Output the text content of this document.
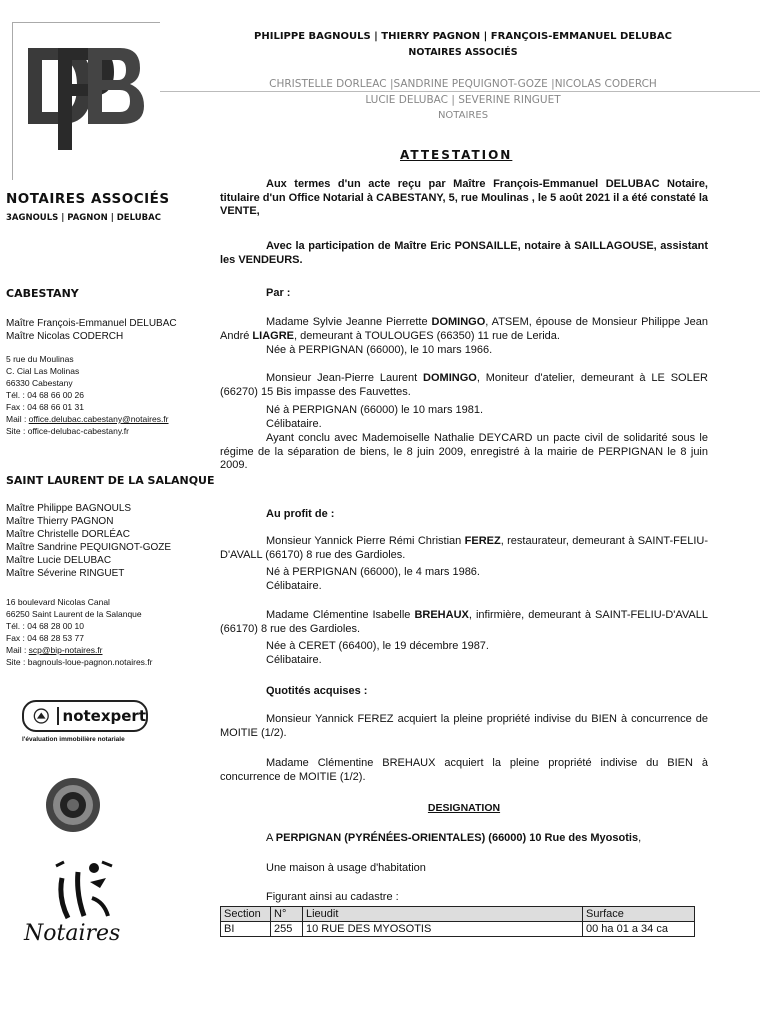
PHILIPPE BAGNOULS | THIERRY PAGNON | FRANÇOIS-EMMANUEL DELUBAC
NOTAIRES ASSOCIÉS
CHRISTELLE DORLEAC |SANDRINE PEQUIGNOT-GOZE |NICOLAS CODERCH
LUCIE DELUBAC | SEVERINE RINGUET
NOTAIRES
NOTAIRES ASSOCIÉS
3AGNOULS | PAGNON | DELUBAC
CABESTANY
Maître François-Emmanuel DELUBAC
Maître Nicolas CODERCH
5 rue du Moulinas
C. Cial Las Molinas
66330 Cabestany
Tél. : 04 68 66 00 26
Fax : 04 68 66 01 31
Mail : office.delubac.cabestany@notaires.fr
Site : office-delubac-cabestany.fr
SAINT LAURENT DE LA SALANQUE
Maître Philippe BAGNOULS
Maître Thierry PAGNON
Maître Christelle DORLÉAC
Maître Sandrine PEQUIGNOT-GOZE
Maître Lucie DELUBAC
Maître Séverine RINGUET
16 boulevard Nicolas Canal
66250 Saint Laurent de la Salanque
Tél. : 04 68 28 00 10
Fax : 04 68 28 53 77
Mail : scp@bip-notaires.fr
Site : bagnouls-loue-pagnon.notaires.fr
notexpert
l'évaluation immobilière notariale
Notaires
ATTESTATION
Aux termes d'un acte reçu par Maître François-Emmanuel DELUBAC Notaire, titulaire d'un Office Notarial à CABESTANY, 5, rue Moulinas , le 5 août 2021 il a été constaté la VENTE,
Avec la participation de Maître Eric PONSAILLE, notaire à SAILLAGOUSE, assistant les VENDEURS.
Par :
Madame Sylvie Jeanne Pierrette DOMINGO, ATSEM, épouse de Monsieur Philippe Jean André LIAGRE, demeurant à TOULOUGES (66350) 11 rue de Lerida.
Née à PERPIGNAN (66000), le 10 mars 1966.
Monsieur Jean-Pierre Laurent DOMINGO, Moniteur d'atelier, demeurant à LE SOLER (66270) 15 Bis impasse des Fauvettes.
Né à PERPIGNAN (66000) le 10 mars 1981.
Célibataire.
Ayant conclu avec Mademoiselle Nathalie DEYCARD un pacte civil de solidarité sous le régime de la séparation de biens, le 8 juin 2009, enregistré à la mairie de PERPIGNAN le 8 juin 2009.
Au profit de :
Monsieur Yannick Pierre Rémi Christian FEREZ, restaurateur, demeurant à SAINT-FELIU-D'AVALL (66170) 8 rue des Gardioles.
Né à PERPIGNAN (66000), le 4 mars 1986.
Célibataire.
Madame Clémentine Isabelle BREHAUX, infirmière, demeurant à SAINT-FELIU-D'AVALL (66170) 8 rue des Gardioles.
Née à CERET (66400), le 19 décembre 1987.
Célibataire.
Quotités acquises :
Monsieur Yannick FEREZ acquiert la pleine propriété indivise du BIEN à concurrence de MOITIE (1/2).
Madame Clémentine BREHAUX acquiert la pleine propriété indivise du BIEN à concurrence de MOITIE (1/2).
DESIGNATION
A PERPIGNAN (PYRÉNÉES-ORIENTALES) (66000) 10 Rue des Myosotis,
Une maison à usage d'habitation
Figurant ainsi au cadastre :
Section	N°	Lieudit	Surface
BI	255	10 RUE DES MYOSOTIS	00 ha 01 a 34 ca
